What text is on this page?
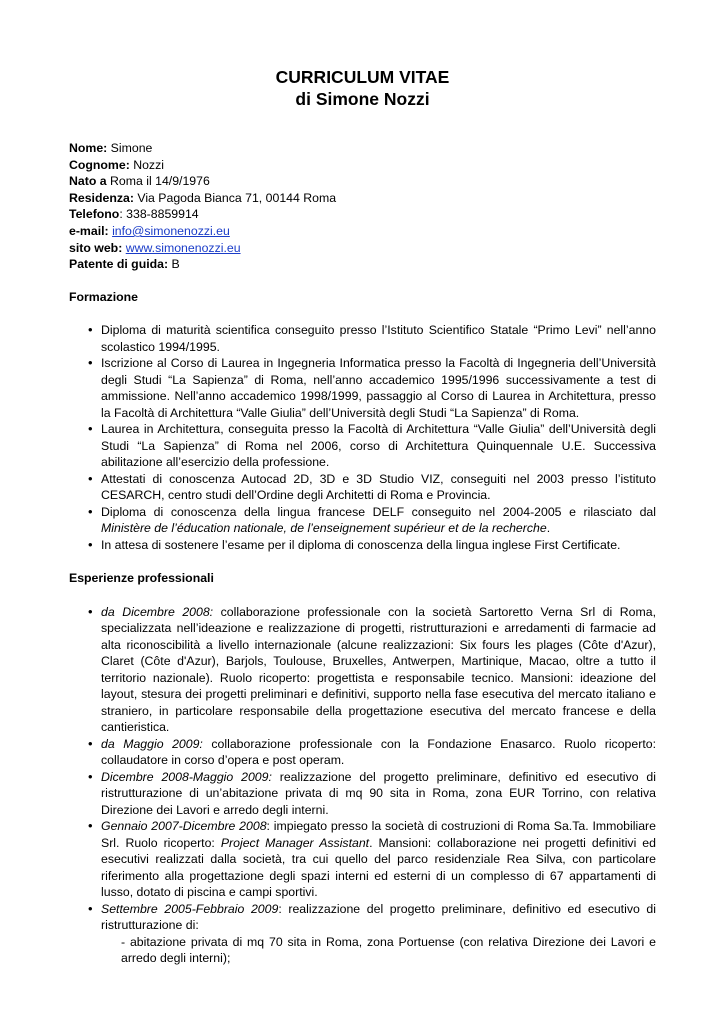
CURRICULUM VITAE

di Simone Nozzi

Nome: Simone
Cognome: Nozzi
Nato a Roma il 14/9/1976
Residenza: Via Pagoda Bianca 71, 00144 Roma
Telefono: 338-8859914
e-mail: info@simonenozzi.eu
sito web: www.simonenozzi.eu
Patente di guida: B
Formazione
• Diploma di maturità scientifica conseguito presso l’Istituto Scientifico Statale “Primo Levi” nell’anno scolastico 1994/1995.
• Iscrizione al Corso di Laurea in Ingegneria Informatica presso la Facoltà di Ingegneria dell’Università degli Studi “La Sapienza” di Roma, nell’anno accademico 1995/1996 successivamente a test di ammissione. Nell’anno accademico 1998/1999, passaggio al Corso di Laurea in Architettura, presso la Facoltà di Architettura “Valle Giulia” dell’Università degli Studi “La Sapienza” di Roma.
• Laurea in Architettura, conseguita presso la Facoltà di Architettura “Valle Giulia” dell’Università degli Studi “La Sapienza” di Roma nel 2006, corso di Architettura Quinquennale U.E. Successiva abilitazione all’esercizio della professione.
• Attestati di conoscenza Autocad 2D, 3D e 3D Studio VIZ, conseguiti nel 2003 presso l’istituto CESARCH, centro studi dell’Ordine degli Architetti di Roma e Provincia.
• Diploma di conoscenza della lingua francese DELF conseguito nel 2004-2005 e rilasciato dal Ministère de l’éducation nationale, de l’enseignement supérieur et de la recherche.
• In attesa di sostenere l’esame per il diploma di conoscenza della lingua inglese First Certificate.
Esperienze professionali
• da Dicembre 2008: collaborazione professionale con la società Sartoretto Verna Srl di Roma, specializzata nell’ideazione e realizzazione di progetti, ristrutturazioni e arredamenti di farmacie ad alta riconoscibilità a livello internazionale (alcune realizzazioni: Six fours les plages (Côte d'Azur), Claret (Côte d'Azur), Barjols, Toulouse, Bruxelles, Antwerpen, Martinique, Macao, oltre a tutto il territorio nazionale). Ruolo ricoperto: progettista e responsabile tecnico. Mansioni: ideazione del layout, stesura dei progetti preliminari e definitivi, supporto nella fase esecutiva del mercato italiano e straniero, in particolare responsabile della progettazione esecutiva del mercato francese e della cantieristica.
• da Maggio 2009: collaborazione professionale con la Fondazione Enasarco. Ruolo ricoperto: collaudatore in corso d’opera e post operam.
• Dicembre 2008-Maggio 2009: realizzazione del progetto preliminare, definitivo ed esecutivo di ristrutturazione di un’abitazione privata di mq 90 sita in Roma, zona EUR Torrino, con relativa Direzione dei Lavori e arredo degli interni.
• Gennaio 2007-Dicembre 2008: impiegato presso la società di costruzioni di Roma Sa.Ta. Immobiliare Srl. Ruolo ricoperto: Project Manager Assistant. Mansioni: collaborazione nei progetti definitivi ed esecutivi realizzati dalla società, tra cui quello del parco residenziale Rea Silva, con particolare riferimento alla progettazione degli spazi interni ed esterni di un complesso di 67 appartamenti di lusso, dotato di piscina e campi sportivi.
• Settembre 2005-Febbraio 2009: realizzazione del progetto preliminare, definitivo ed esecutivo di ristrutturazione di:
- abitazione privata di mq 70 sita in Roma, zona Portuense (con relativa Direzione dei Lavori e arredo degli interni);
